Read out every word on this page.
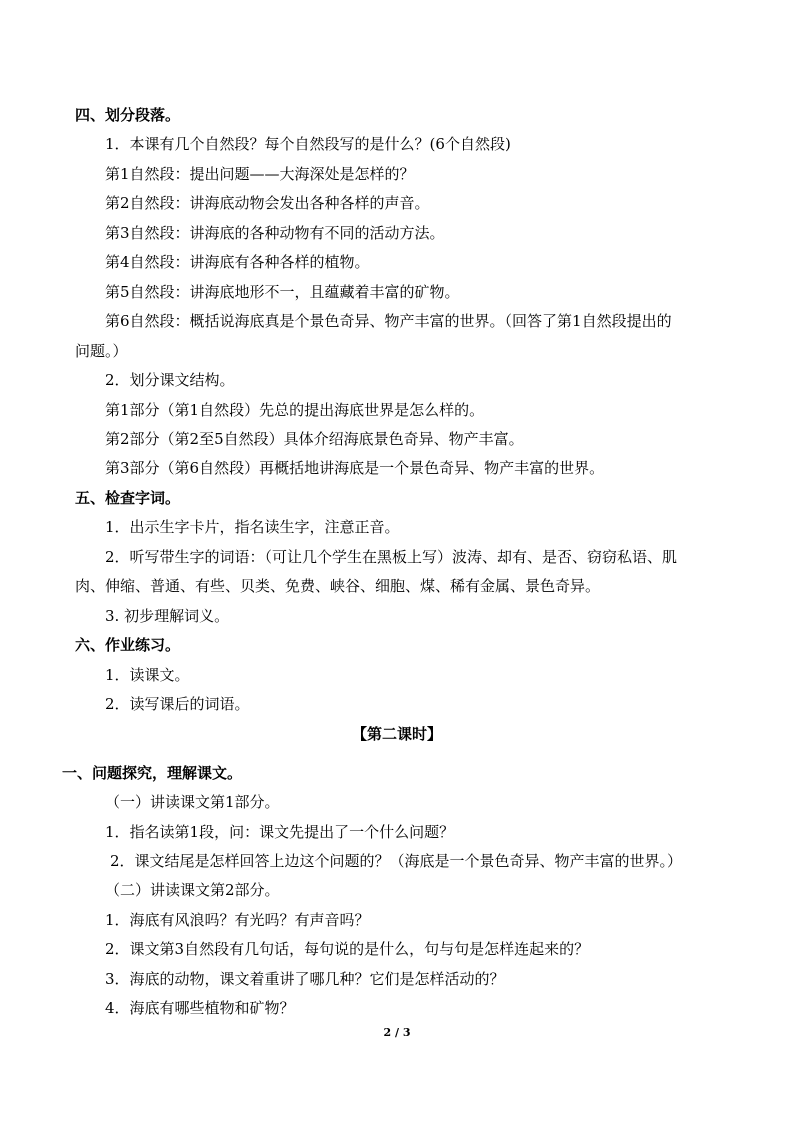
四、划分段落。
1．本课有几个自然段？每个自然段写的是什么？(6个自然段)
第1自然段：提出问题——大海深处是怎样的？
第2自然段：讲海底动物会发出各种各样的声音。
第3自然段：讲海底的各种动物有不同的活动方法。
第4自然段：讲海底有各种各样的植物。
第5自然段：讲海底地形不一，且蕴藏着丰富的矿物。
第6自然段：概括说海底真是个景色奇异、物产丰富的世界。（回答了第1自然段提出的
问题。）
2．划分课文结构。
第1部分（第1自然段）先总的提出海底世界是怎么样的。
第2部分（第2至5自然段）具体介绍海底景色奇异、物产丰富。
第3部分（第6自然段）再概括地讲海底是一个景色奇异、物产丰富的世界。
五、检查字词。
1．出示生字卡片，指名读生字，注意正音。
2．听写带生字的词语：（可让几个学生在黑板上写）波涛、却有、是否、窃窃私语、肌
肉、伸缩、普通、有些、贝类、免费、峡谷、细胞、煤、稀有金属、景色奇异。
3. 初步理解词义。
六、作业练习。
1．读课文。
2．读写课后的词语。
【第二课时】
一、问题探究，理解课文。
（一）讲读课文第1部分。
1．指名读第1段，问：课文先提出了一个什么问题？
2．课文结尾是怎样回答上边这个问题的？（海底是一个景色奇异、物产丰富的世界。）
（二）讲读课文第2部分。
1．海底有风浪吗？有光吗？有声音吗？
2．课文第3自然段有几句话，每句说的是什么，句与句是怎样连起来的？
3．海底的动物，课文着重讲了哪几种？它们是怎样活动的？
4．海底有哪些植物和矿物？
2 / 3
